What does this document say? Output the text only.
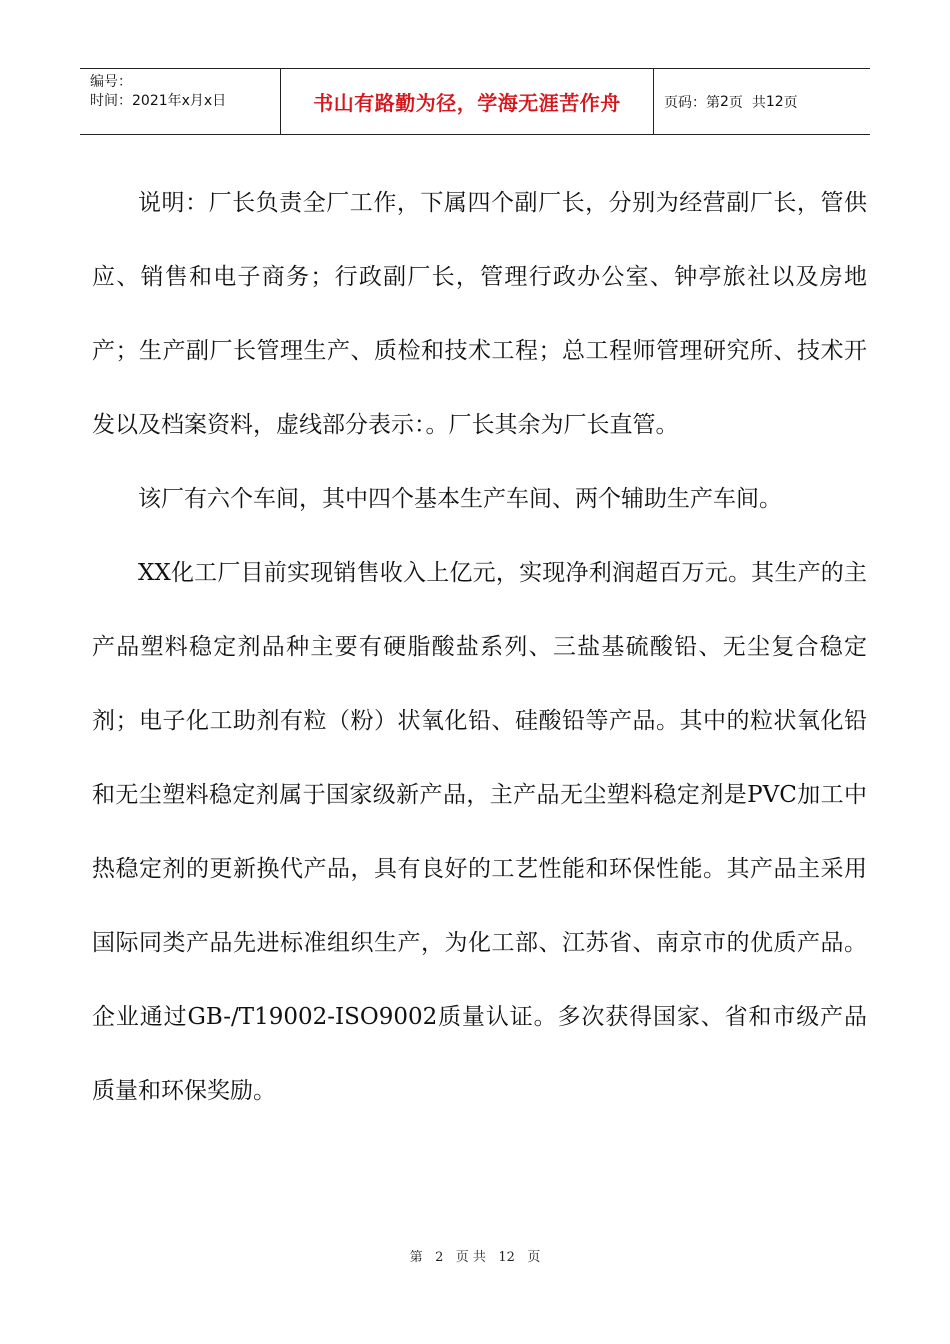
编号：
时间：2021年x月x日	书山有路勤为径，学海无涯苦作舟	页码：第 2 页  共 12 页

说明：厂长负责全厂工作，下属四个副厂长，分别为经营副厂长，管供应、销售和电子商务；行政副厂长，管理行政办公室、钟亭旅社以及房地产；生产副厂长管理生产、质检和技术工程；总工程师管理研究所、技术开发以及档案资料，虚线部分表示：。厂长其余为厂长直管。

该厂有六个车间，其中四个基本生产车间、两个辅助生产车间。

XX化工厂目前实现销售收入上亿元，实现净利润超百万元。其生产的主产品塑料稳定剂品种主要有硬脂酸盐系列、三盐基硫酸铅、无尘复合稳定剂；电子化工助剂有粒（粉）状氧化铅、硅酸铅等产品。其中的粒状氧化铅和无尘塑料稳定剂属于国家级新产品，主产品无尘塑料稳定剂是PVC加工中热稳定剂的更新换代产品，具有良好的工艺性能和环保性能。其产品主采用国际同类产品先进标准组织生产，为化工部、江苏省、南京市的优质产品。企业通过GB-/T19002-ISO9002质量认证。多次获得国家、省和市级产品质量和环保奖励。

第 2 页 共 12 页
